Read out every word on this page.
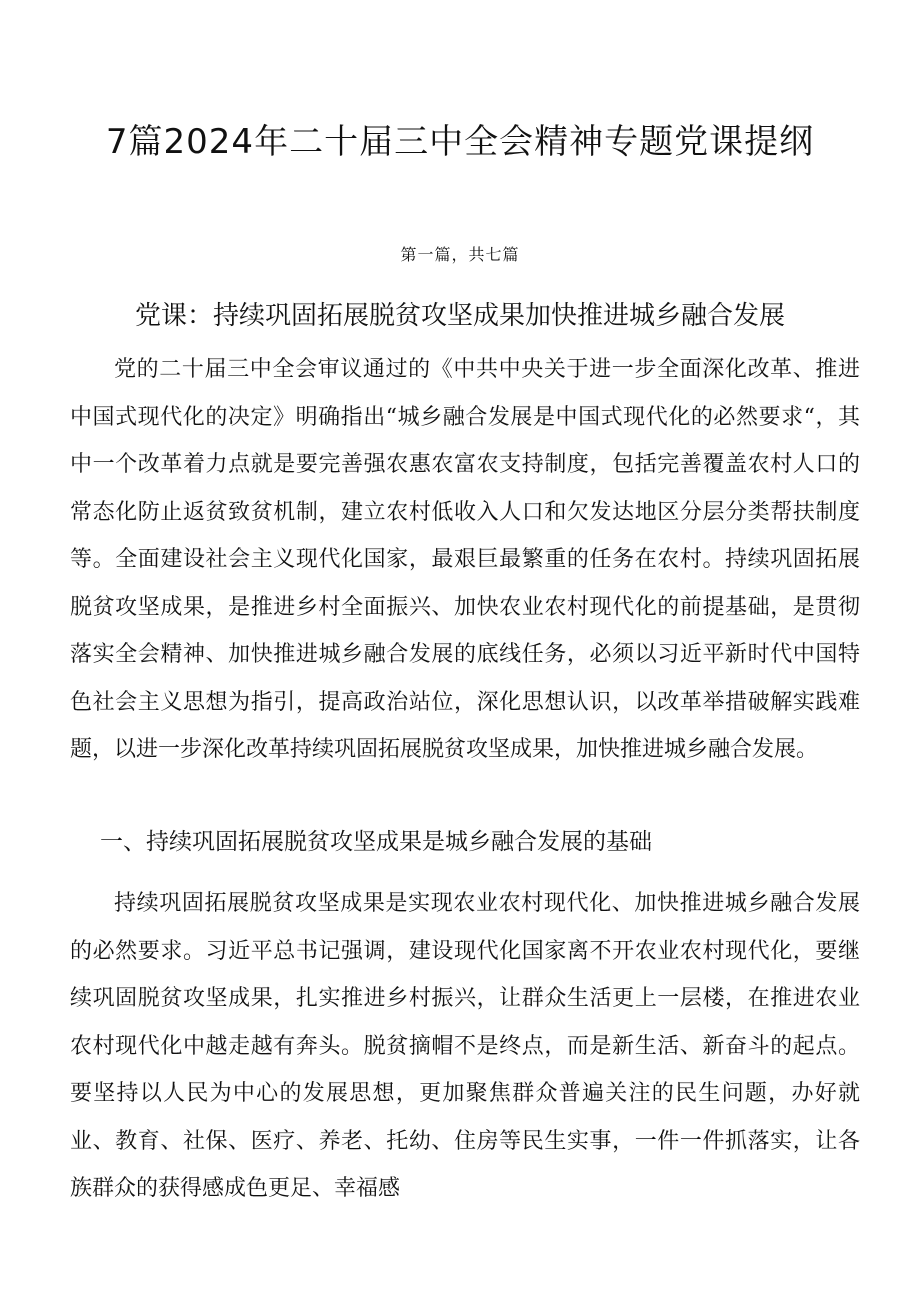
7篇2024年二十届三中全会精神专题党课提纲

第一篇，共七篇

党课：持续巩固拓展脱贫攻坚成果加快推进城乡融合发展

党的二十届三中全会审议通过的《中共中央关于进一步全面深化改革、推进中国式现代化的决定》明确指出“城乡融合发展是中国式现代化的必然要求“，其中一个改革着力点就是要完善强农惠农富农支持制度，包括完善覆盖农村人口的常态化防止返贫致贫机制，建立农村低收入人口和欠发达地区分层分类帮扶制度等。全面建设社会主义现代化国家，最艰巨最繁重的任务在农村。持续巩固拓展脱贫攻坚成果，是推进乡村全面振兴、加快农业农村现代化的前提基础，是贯彻落实全会精神、加快推进城乡融合发展的底线任务，必须以习近平新时代中国特色社会主义思想为指引，提高政治站位，深化思想认识，以改革举措破解实践难题，以进一步深化改革持续巩固拓展脱贫攻坚成果，加快推进城乡融合发展。

一、持续巩固拓展脱贫攻坚成果是城乡融合发展的基础

持续巩固拓展脱贫攻坚成果是实现农业农村现代化、加快推进城乡融合发展的必然要求。习近平总书记强调，建设现代化国家离不开农业农村现代化，要继续巩固脱贫攻坚成果，扎实推进乡村振兴，让群众生活更上一层楼，在推进农业农村现代化中越走越有奔头。脱贫摘帽不是终点，而是新生活、新奋斗的起点。要坚持以人民为中心的发展思想，更加聚焦群众普遍关注的民生问题，办好就业、教育、社保、医疗、养老、托幼、住房等民生实事，一件一件抓落实，让各族群众的获得感成色更足、幸福感
